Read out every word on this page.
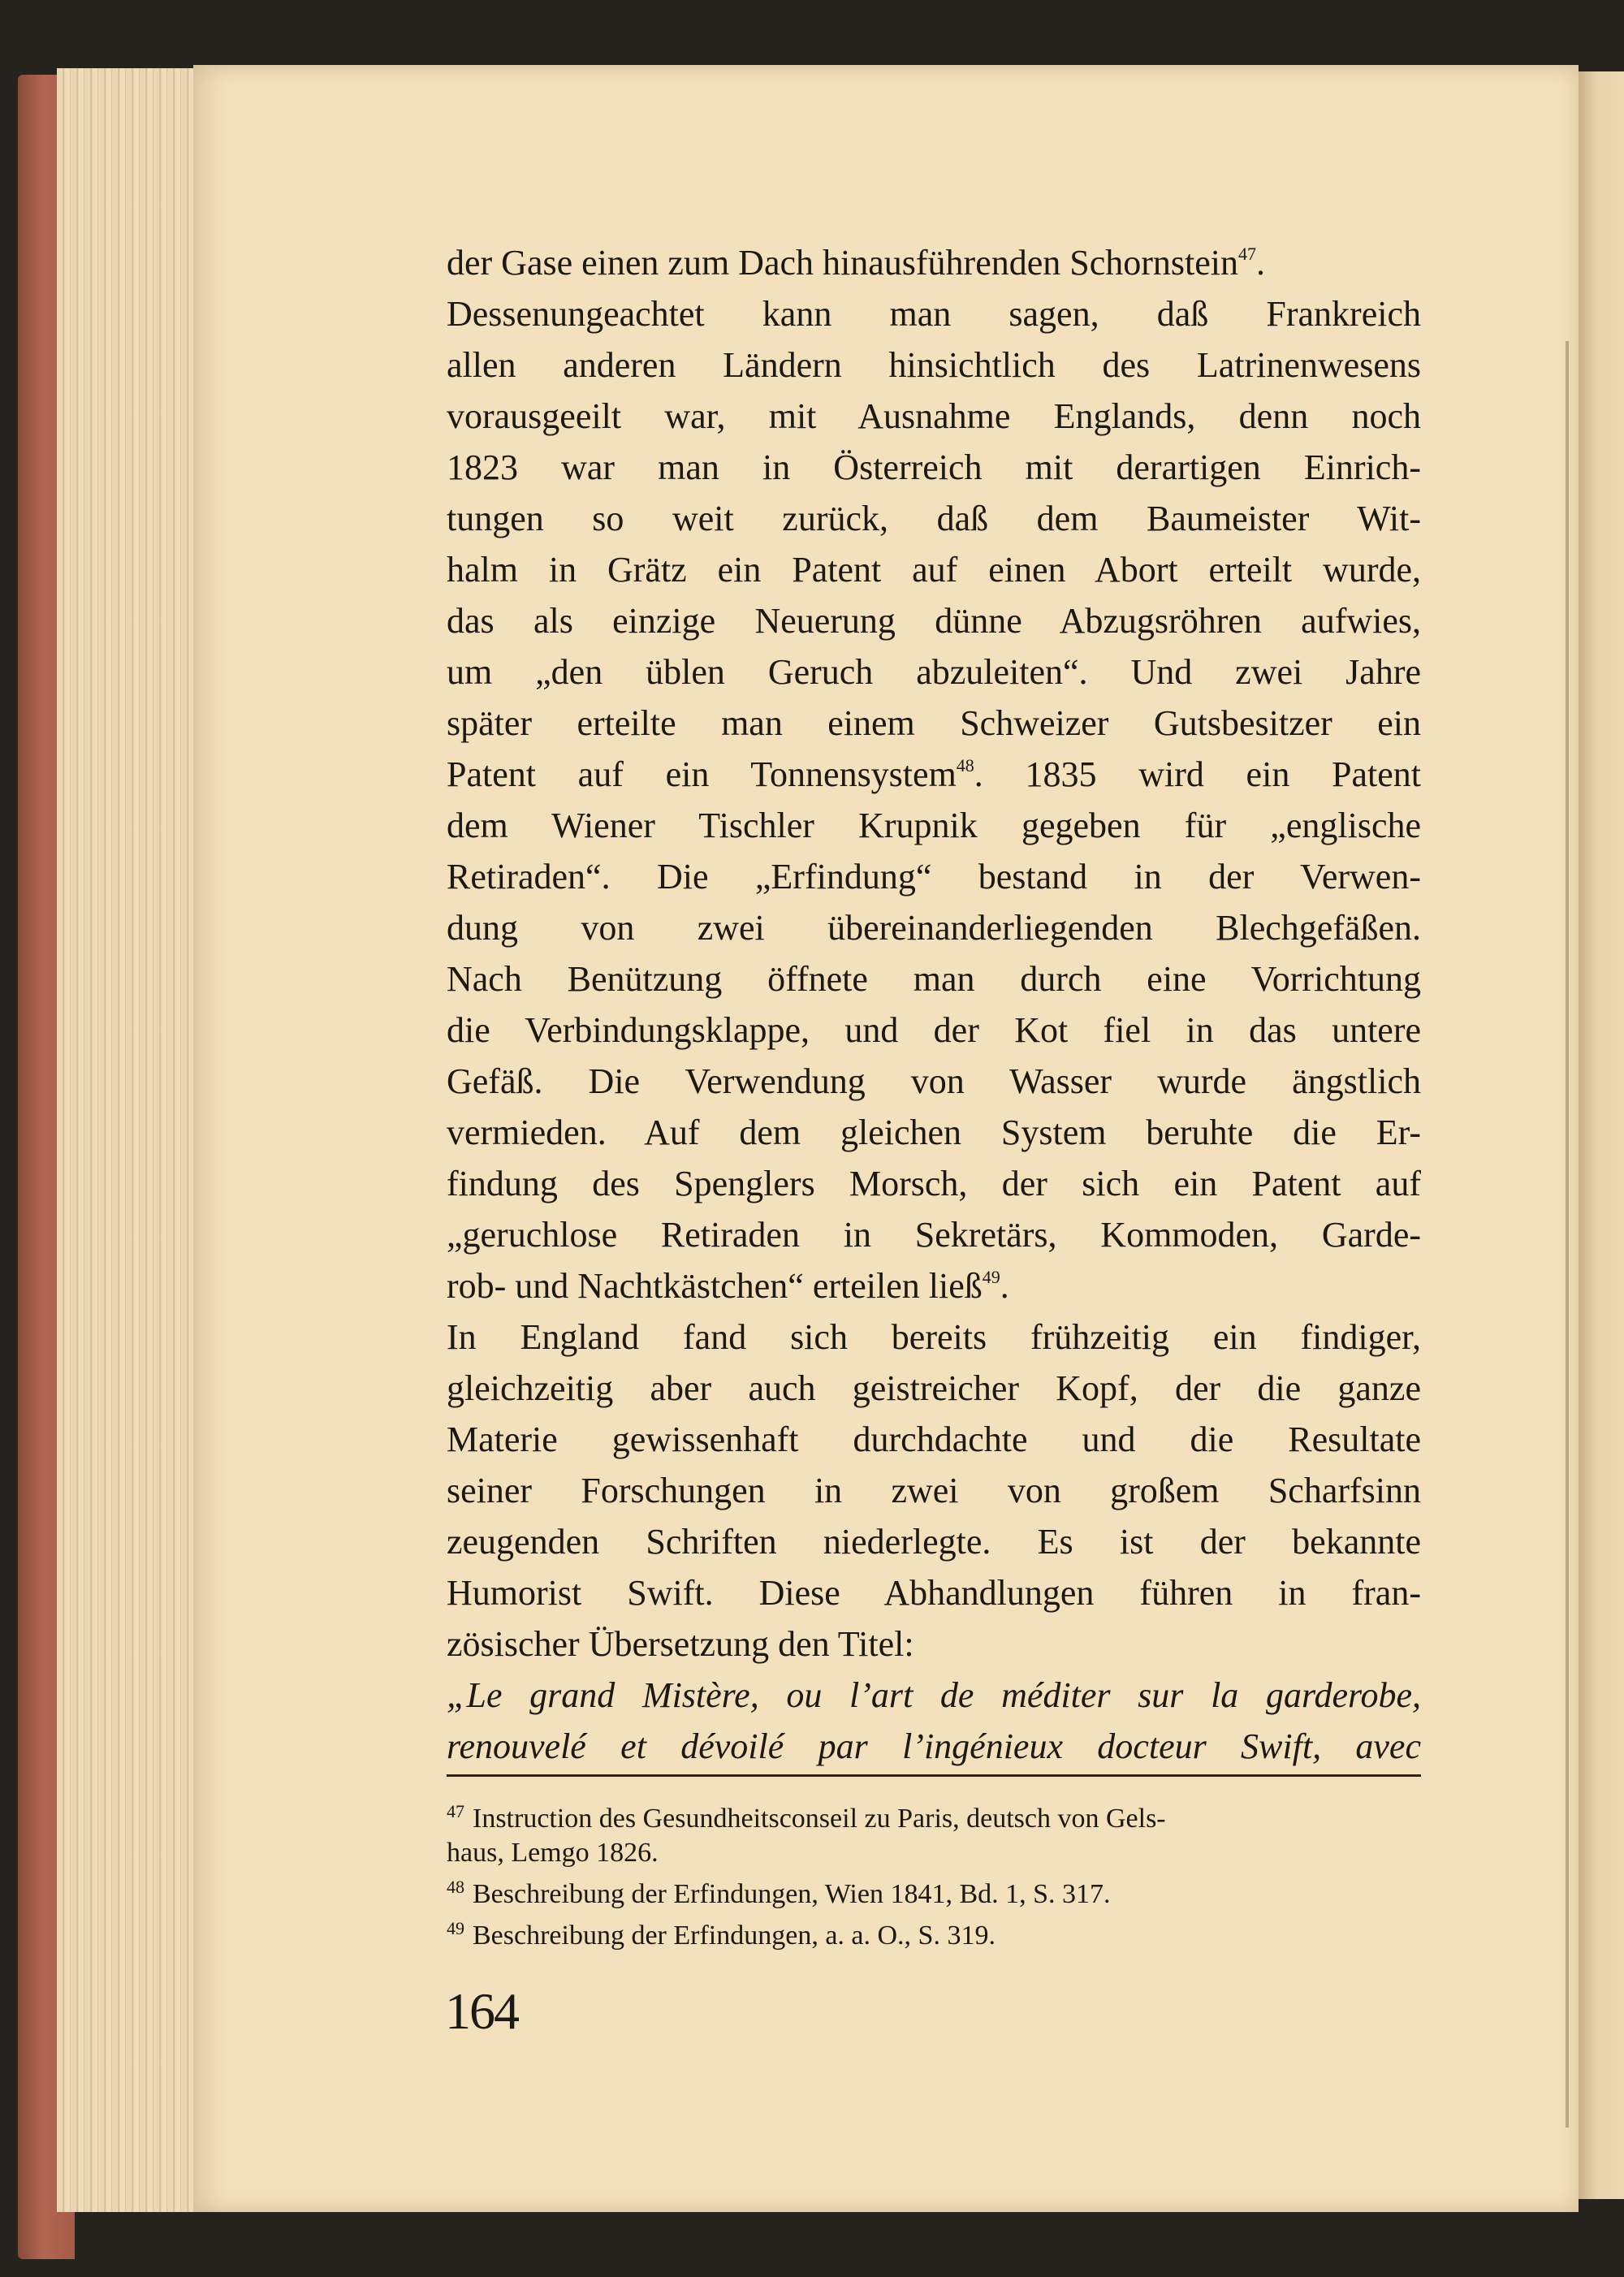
der Gase einen zum Dach hinausführenden Schornstein$^{47}$.
Dessenungeachtet kann man sagen, daß Frankreich
allen anderen Ländern hinsichtlich des Latrinenwesens
vorausgeeilt war, mit Ausnahme Englands, denn noch
1823 war man in Österreich mit derartigen Einrich-
tungen so weit zurück, daß dem Baumeister Wit-
halm in Grätz ein Patent auf einen Abort erteilt wurde,
das als einzige Neuerung dünne Abzugsröhren aufwies,
um „den üblen Geruch abzuleiten“. Und zwei Jahre
später erteilte man einem Schweizer Gutsbesitzer ein
Patent auf ein Tonnensystem$^{48}$. 1835 wird ein Patent
dem Wiener Tischler Krupnik gegeben für „englische
Retiraden“. Die „Erfindung“ bestand in der Verwen-
dung von zwei übereinanderliegenden Blechgefäßen.
Nach Benützung öffnete man durch eine Vorrichtung
die Verbindungsklappe, und der Kot fiel in das untere
Gefäß. Die Verwendung von Wasser wurde ängstlich
vermieden. Auf dem gleichen System beruhte die Er-
findung des Spenglers Morsch, der sich ein Patent auf
„geruchlose Retiraden in Sekretärs, Kommoden, Garde-
rob- und Nachtkästchen“ erteilen ließ$^{49}$.
In England fand sich bereits frühzeitig ein findiger,
gleichzeitig aber auch geistreicher Kopf, der die ganze
Materie gewissenhaft durchdachte und die Resultate
seiner Forschungen in zwei von großem Scharfsinn
zeugenden Schriften niederlegte. Es ist der bekannte
Humorist Swift. Diese Abhandlungen führen in fran-
zösischer Übersetzung den Titel:
„Le grand Mistère, ou l’art de méditer sur la garderobe,
renouvelé et dévoilé par l’ingénieux docteur Swift, avec
$^{47}$ Instruction des Gesundheitsconseil zu Paris, deutsch von Gels-
haus, Lemgo 1826.
$^{48}$ Beschreibung der Erfindungen, Wien 1841, Bd. 1, S. 317.
$^{49}$ Beschreibung der Erfindungen, a. a. O., S. 319.
164
